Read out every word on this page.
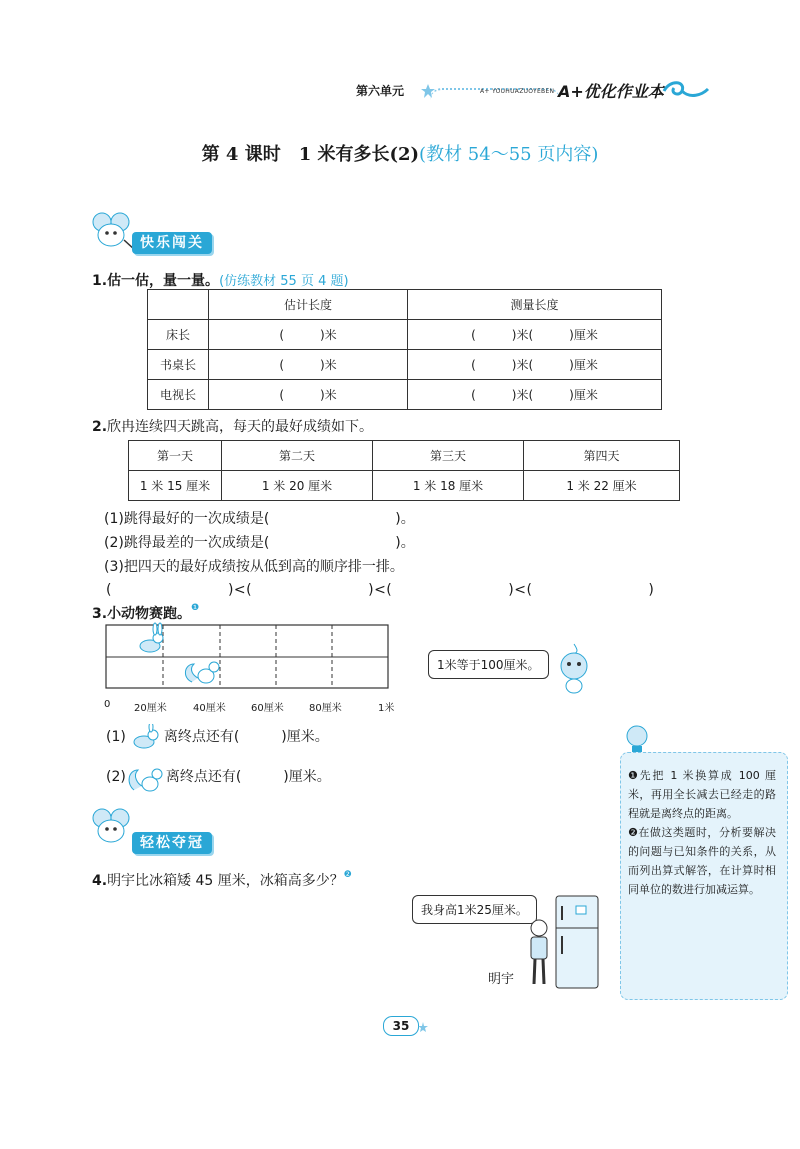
第六单元	A+ YOUHUAZUOYEBEN A+优化作业本
第 4 课时　1 米有多长(2)(教材 54～55 页内容)
快乐闯关
1.估一估，量一量。(仿练教材 55 页 4 题)
	估计长度	测量长度
床长	(　　　)米	(　　　)米(　　　)厘米
书桌长	(　　　)米	(　　　)米(　　　)厘米
电视长	(　　　)米	(　　　)米(　　　)厘米
2.欣冉连续四天跳高，每天的最好成绩如下。
第一天	第二天	第三天	第四天
1 米 15 厘米	1 米 20 厘米	1 米 18 厘米	1 米 22 厘米
(1)跳得最好的一次成绩是(　　　　　　　　　)。
(2)跳得最差的一次成绩是(　　　　　　　　　)。
(3)把四天的最好成绩按从低到高的顺序排一排。
(　　　　　　　　)<(　　　　　　　　)<(　　　　　　　　)<(　　　　　　　　)
3.小动物赛跑。$^❶$
0 20厘米	40厘米	60厘米	80厘米	1米
1米等于100厘米。
(1)	离终点还有(　　　)厘米。
(2)	离终点还有(　　　)厘米。
轻松夺冠
4.明宇比冰箱矮 45 厘米，冰箱高多少？$^❷$
我身高1米25厘米。
明宇
❶先把 1 米换算成 100 厘米，再用全长减去已经走的路程就是离终点的距离。
❷在做这类题时，分析要解决的问题与已知条件的关系，从而列出算式解答，在计算时相同单位的数进行加减运算。
35
